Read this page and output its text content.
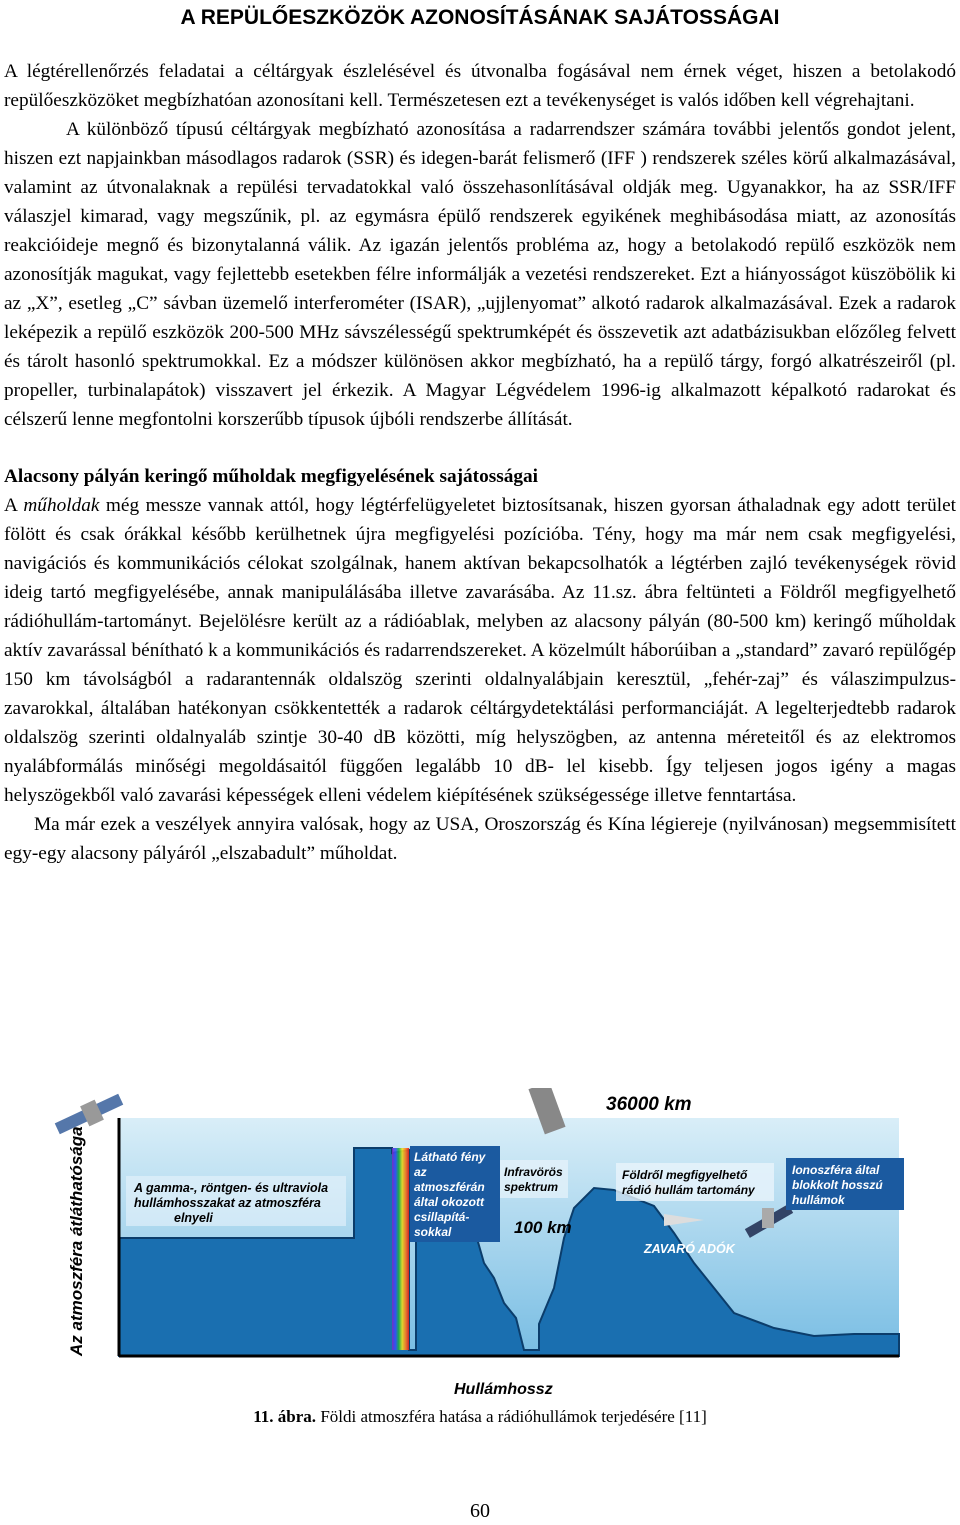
A REPÜLŐESZKÖZÖK AZONOSÍTÁSÁNAK SAJÁTOSSÁGAI

A légtérellenőrzés feladatai a céltárgyak észlelésével és útvonalba fogásával nem érnek véget, hiszen a betolakodó repülőeszközöket megbízhatóan azonosítani kell. Természetesen ezt a tevékenységet is valós időben kell végrehajtani.

A különböző típusú céltárgyak megbízható azonosítása a radarrendszer számára további jelentős gondot jelent, hiszen ezt napjainkban másodlagos radarok (SSR) és idegen-barát felismerő (IFF ) rendszerek széles körű alkalmazásával, valamint az útvonalaknak a repülési tervadatokkal való összehasonlításával oldják meg. Ugyanakkor, ha az SSR/IFF válaszjel kimarad, vagy megszűnik, pl. az egymásra épülő rendszerek egyikének meghibásodása miatt, az azonosítás reakcióideje megnő és bizonytalanná válik. Az igazán jelentős probléma az, hogy a betolakodó repülő eszközök nem azonosítják magukat, vagy fejlettebb esetekben félre informálják a vezetési rendszereket. Ezt a hiányosságot küszöbölik ki az „X”, esetleg „C” sávban üzemelő interferométer (ISAR), „ujjlenyomat” alkotó radarok alkalmazásával. Ezek a radarok leképezik a repülő eszközök 200-500 MHz sávszélességű spektrumképét és összevetik azt adatbázisukban előzőleg felvett és tárolt hasonló spektrumokkal. Ez a módszer különösen akkor megbízható, ha a repülő tárgy, forgó alkatrészeiről (pl. propeller, turbinalapátok) visszavert jel érkezik. A Magyar Légvédelem 1996-ig alkalmazott képalkotó radarokat és célszerű lenne megfontolni korszerűbb típusok újbóli rendszerbe állítását.

Alacsony pályán keringő műholdak megfigyelésének sajátosságai

A műholdak még messze vannak attól, hogy légtérfelügyeletet biztosítsanak, hiszen gyorsan áthaladnak egy adott terület fölött és csak órákkal később kerülhetnek újra megfigyelési pozícióba. Tény, hogy ma már nem csak megfigyelési, navigációs és kommunikációs célokat szolgálnak, hanem aktívan bekapcsolhatók a légtérben zajló tevékenységek rövid ideig tartó megfigyelésébe, annak manipulálásába illetve zavarásába. Az 11.sz. ábra feltünteti a Földről megfigyelhető rádióhullám-tartományt. Bejelölésre került az a rádióablak, melyben az alacsony pályán (80-500 km) keringő műholdak aktív zavarással bénítható k a kommunikációs és radarrendszereket. A közelmúlt háborúiban a „standard” zavaró repülőgép 150 km távolságból a radarantennák oldalszög szerinti oldalnyalábjain keresztül, „fehér-zaj” és válaszimpulzus-zavarokkal, általában hatékonyan csökkentették a radarok céltárgydetektálási performanciáját. A legelterjedtebb radarok oldalszög szerinti oldalnyaláb szintje 30-40 dB közötti, míg helyszögben, az antenna méreteitől és az elektromos nyalábformálás minőségi megoldásaitól függően legalább 10 dB- lel kisebb. Így teljesen jogos igény a magas helyszögekből való zavarási képességek elleni védelem kiépítésének szükségessége illetve fenntartása.

Ma már ezek a veszélyek annyira valósak, hogy az USA, Oroszország és Kína légiereje (nyilvánosan) megsemmisített egy-egy alacsony pályáról „elszabadult” műholdat.

Az atmoszféra átláthatósága
Hullámhossz
36000 km
100 km
A gamma-, röntgen- és ultraviola hullámhosszakat az atmoszféra elnyeli
Látható fény az atmoszférán által okozott csillapítá- sokkal
Infravörös spektrum
Földről megfigyelhető rádió hullám tartomány
Ionoszféra által blokkolt hosszú hullámok
ZAVARÓ ADÓK
11. ábra. Földi atmoszféra hatása a rádióhullámok terjedésére [11]
60
